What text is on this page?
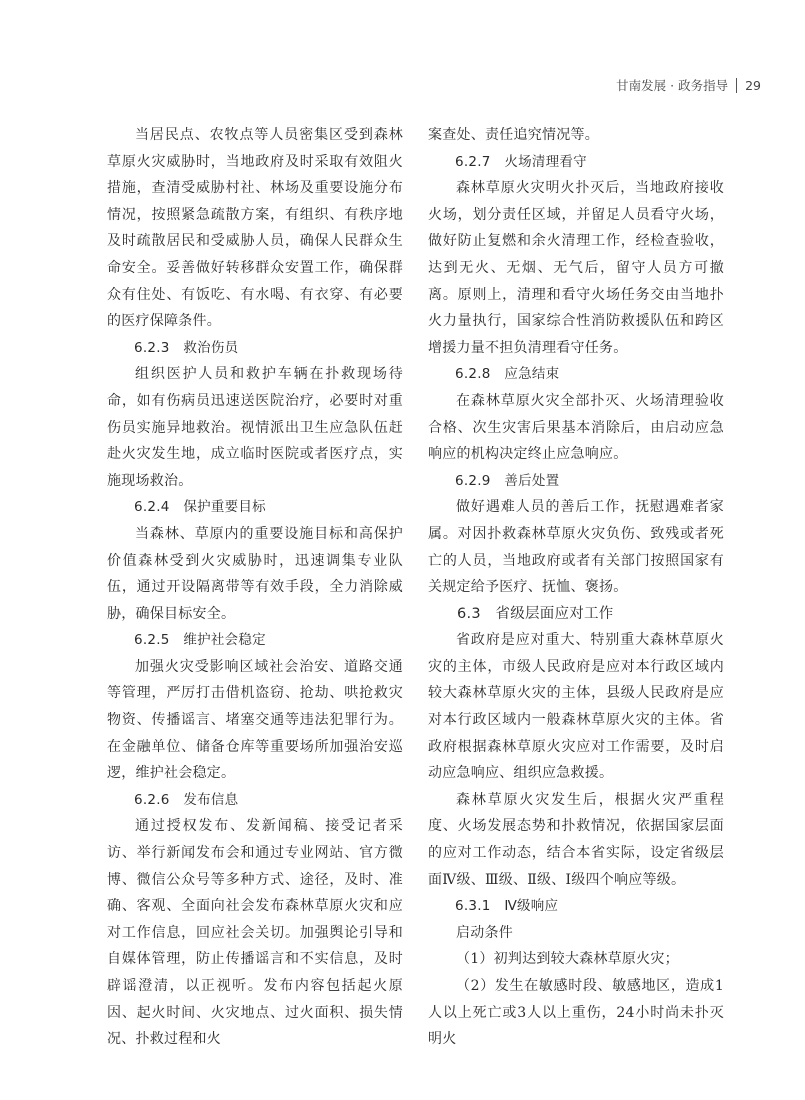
甘南发展 · 政务指导 29

当居民点、农牧点等人员密集区受到森林草原火灾威胁时，当地政府及时采取有效阻火措施，查清受威胁村社、林场及重要设施分布情况，按照紧急疏散方案，有组织、有秩序地及时疏散居民和受威胁人员，确保人民群众生命安全。妥善做好转移群众安置工作，确保群众有住处、有饭吃、有水喝、有衣穿、有必要的医疗保障条件。

6.2.3　救治伤员

组织医护人员和救护车辆在扑救现场待命，如有伤病员迅速送医院治疗，必要时对重伤员实施异地救治。视情派出卫生应急队伍赶赴火灾发生地，成立临时医院或者医疗点，实施现场救治。

6.2.4　保护重要目标

当森林、草原内的重要设施目标和高保护价值森林受到火灾威胁时，迅速调集专业队伍，通过开设隔离带等有效手段，全力消除威胁，确保目标安全。

6.2.5　维护社会稳定

加强火灾受影响区域社会治安、道路交通等管理，严厉打击借机盗窃、抢劫、哄抢救灾物资、传播谣言、堵塞交通等违法犯罪行为。在金融单位、储备仓库等重要场所加强治安巡逻，维护社会稳定。

6.2.6　发布信息

通过授权发布、发新闻稿、接受记者采访、举行新闻发布会和通过专业网站、官方微博、微信公众号等多种方式、途径，及时、准确、客观、全面向社会发布森林草原火灾和应对工作信息，回应社会关切。加强舆论引导和自媒体管理，防止传播谣言和不实信息，及时辟谣澄清，以正视听。发布内容包括起火原因、起火时间、火灾地点、过火面积、损失情况、扑救过程和火

案查处、责任追究情况等。

6.2.7　火场清理看守

森林草原火灾明火扑灭后，当地政府接收火场，划分责任区域，并留足人员看守火场，做好防止复燃和余火清理工作，经检查验收，达到无火、无烟、无气后，留守人员方可撤离。原则上，清理和看守火场任务交由当地扑火力量执行，国家综合性消防救援队伍和跨区增援力量不担负清理看守任务。

6.2.8　应急结束

在森林草原火灾全部扑灭、火场清理验收合格、次生灾害后果基本消除后，由启动应急响应的机构决定终止应急响应。

6.2.9　善后处置

做好遇难人员的善后工作，抚慰遇难者家属。对因扑救森林草原火灾负伤、致残或者死亡的人员，当地政府或者有关部门按照国家有关规定给予医疗、抚恤、褒扬。

6.3　省级层面应对工作

省政府是应对重大、特别重大森林草原火灾的主体，市级人民政府是应对本行政区域内较大森林草原火灾的主体，县级人民政府是应对本行政区域内一般森林草原火灾的主体。省政府根据森林草原火灾应对工作需要，及时启动应急响应、组织应急救援。

森林草原火灾发生后，根据火灾严重程度、火场发展态势和扑救情况，依据国家层面的应对工作动态，结合本省实际，设定省级层面Ⅳ级、Ⅲ级、Ⅱ级、Ⅰ级四个响应等级。

6.3.1　Ⅳ级响应

启动条件

（1）初判达到较大森林草原火灾；

（2）发生在敏感时段、敏感地区，造成1人以上死亡或3人以上重伤，24小时尚未扑灭明火
